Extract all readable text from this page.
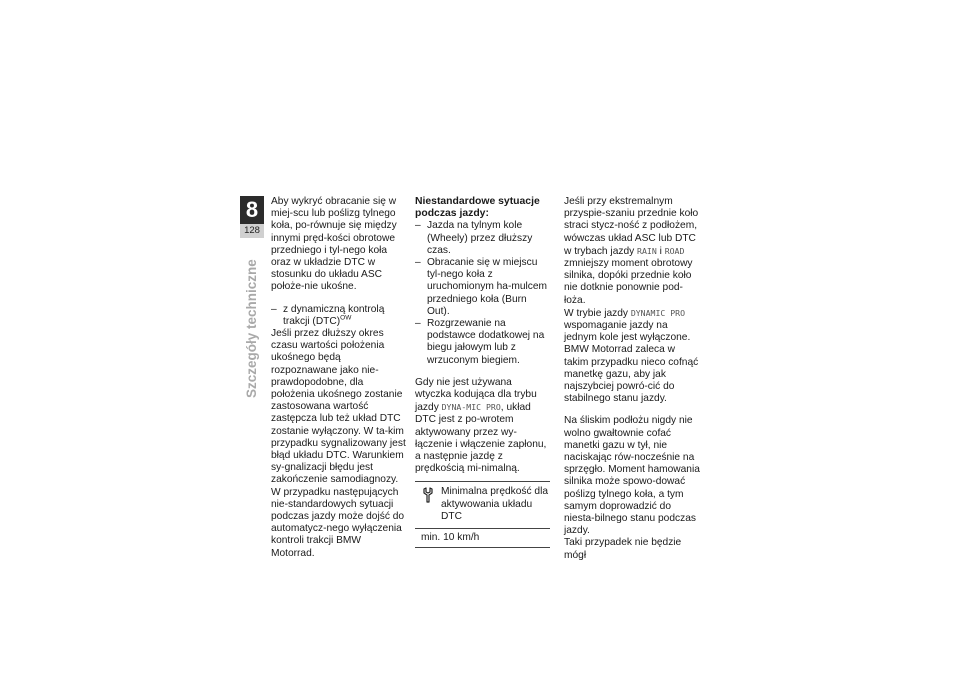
8
128
Szczegóły techniczne

Aby wykryć obracanie się w miej-scu lub poślizg tylnego koła, po-równuje się między innymi pręd-kości obrotowe przedniego i tyl-nego koła oraz w układzie DTC w stosunku do układu ASC położe-nie ukośne.

– z dynamiczną kontrolą trakcji (DTC)$^{OW}$

Jeśli przez dłuższy okres czasu wartości położenia ukośnego będą rozpoznawane jako nie-prawdopodobne, dla położenia ukośnego zostanie zastosowana wartość zastępcza lub też układ DTC zostanie wyłączony. W ta-kim przypadku sygnalizowany jest błąd układu DTC. Warunkiem sy-gnalizacji błędu jest zakończenie samodiagnozy.

W przypadku następujących nie-standardowych sytuacji podczas jazdy może dojść do automatycz-nego wyłączenia kontroli trakcji BMW Motorrad.

Niestandardowe sytuacje podczas jazdy:

– Jazda na tylnym kole (Wheely) przez dłuższy czas.
– Obracanie się w miejscu tyl-nego koła z uruchomionym ha-mulcem przedniego koła (Burn Out).
– Rozgrzewanie na podstawce dodatkowej na biegu jałowym lub z wrzuconym biegiem.

Gdy nie jest używana wtyczka kodująca dla trybu jazdy DYNA-MIC PRO, układ DTC jest z po-wrotem aktywowany przez wy-łączenie i włączenie zapłonu, a następnie jazdę z prędkością mi-nimalną.

Minimalna prędkość dla aktywowania układu DTC
min. 10 km/h

Jeśli przy ekstremalnym przyspie-szaniu przednie koło straci stycz-ność z podłożem, wówczas układ ASC lub DTC w trybach jazdy RAIN i ROAD zmniejszy moment obrotowy silnika, dopóki przednie koło nie dotknie ponownie pod-łoża.

W trybie jazdy DYNAMIC PRO wspomaganie jazdy na jednym kole jest wyłączone.

BMW Motorrad zaleca w takim przypadku nieco cofnąć manetkę gazu, aby jak najszybciej powró-cić do stabilnego stanu jazdy.

Na śliskim podłożu nigdy nie wolno gwałtownie cofać manetki gazu w tył, nie naciskając rów-nocześnie na sprzęgło. Moment hamowania silnika może spowo-dować poślizg tylnego koła, a tym samym doprowadzić do niesta-bilnego stanu podczas jazdy.

Taki przypadek nie będzie mógł
